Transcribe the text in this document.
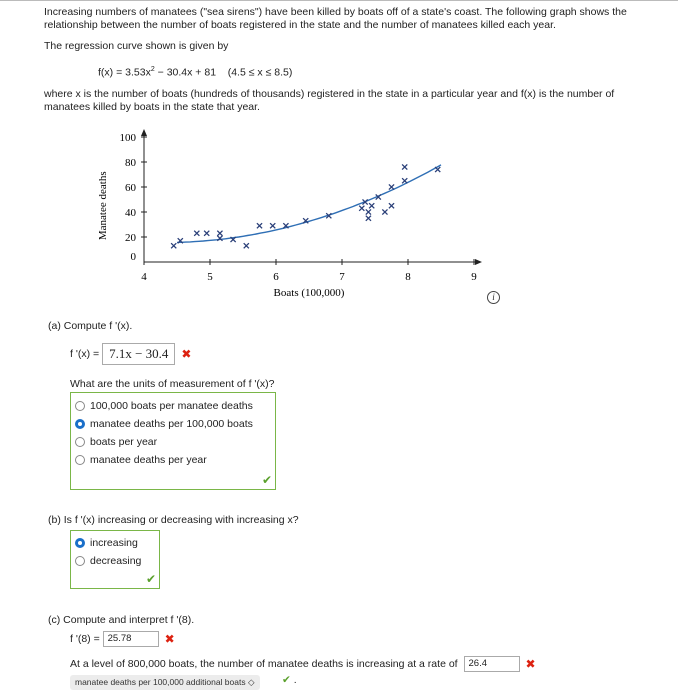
Increasing numbers of manatees ("sea sirens") have been killed by boats off of a state's coast. The following graph shows the relationship between the number of boats registered in the state and the number of manatees killed each year.
The regression curve shown is given by
$f(x) = 3.53x^2 - 30.4x + 81$ (4.5 ≤ x ≤ 8.5)
where x is the number of boats (hundreds of thousands) registered in the state in a particular year and f(x) is the number of manatees killed by boats in the state that year.
4	5	6	7	8	9
0
20
40
60
80
100
Boats (100,000)
Manatee deaths
i
(a) Compute f '(x).
f '(x) = 7.1x − 30.4 ✖
What are the units of measurement of f '(x)?
100,000 boats per manatee deaths
manatee deaths per 100,000 boats
boats per year
manatee deaths per year
✔
(b) Is f '(x) increasing or decreasing with increasing x?
increasing
decreasing
✔
(c) Compute and interpret f '(8).
f '(8) = 25.78	✖
At a level of 800,000 boats, the number of manatee deaths is increasing at a rate of 26.4	✖
manatee deaths per 100,000 additional boats ◇	✔ .
